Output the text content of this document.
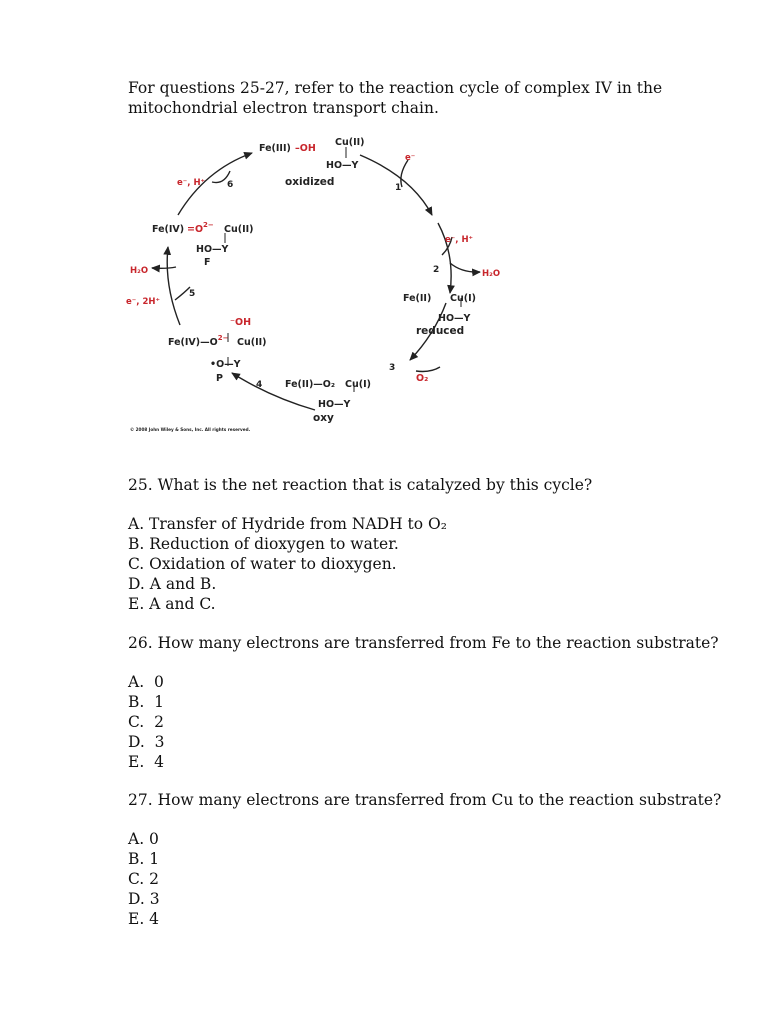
For questions 25-27, refer to the reaction cycle of complex IV in the mitochondrial electron transport chain.

Fe(III) –OH
Cu(II)
HO—Y
oxidized
Fe(II) Cu(I)
HO—Y
reduced
Fe(II)—O₂ Cu(I)
HO—Y
oxy
⁻OH
$Fe(IV)—O^{2-}$ Cu(II)
•O—Y
P
$Fe(IV) =O^{2-}$ Cu(II)
HO—Y
F
1
2
3
4
5
6
e⁻
e⁻, H⁺
H₂O
O₂
e⁻, 2H⁺
H₂O
e⁻, H⁺
© 2008 John Wiley & Sons, Inc. All rights reserved.

25. What is the net reaction that is catalyzed by this cycle?

A. Transfer of Hydride from NADH to O₂
B. Reduction of dioxygen to water.
C. Oxidation of water to dioxygen.
D. A and B.
E. A and C.

26. How many electrons are transferred from Fe to the reaction substrate?

A.  0
B.  1
C.  2
D.  3
E.  4

27. How many electrons are transferred from Cu to the reaction substrate?

A. 0
B. 1
C. 2
D. 3
E. 4
